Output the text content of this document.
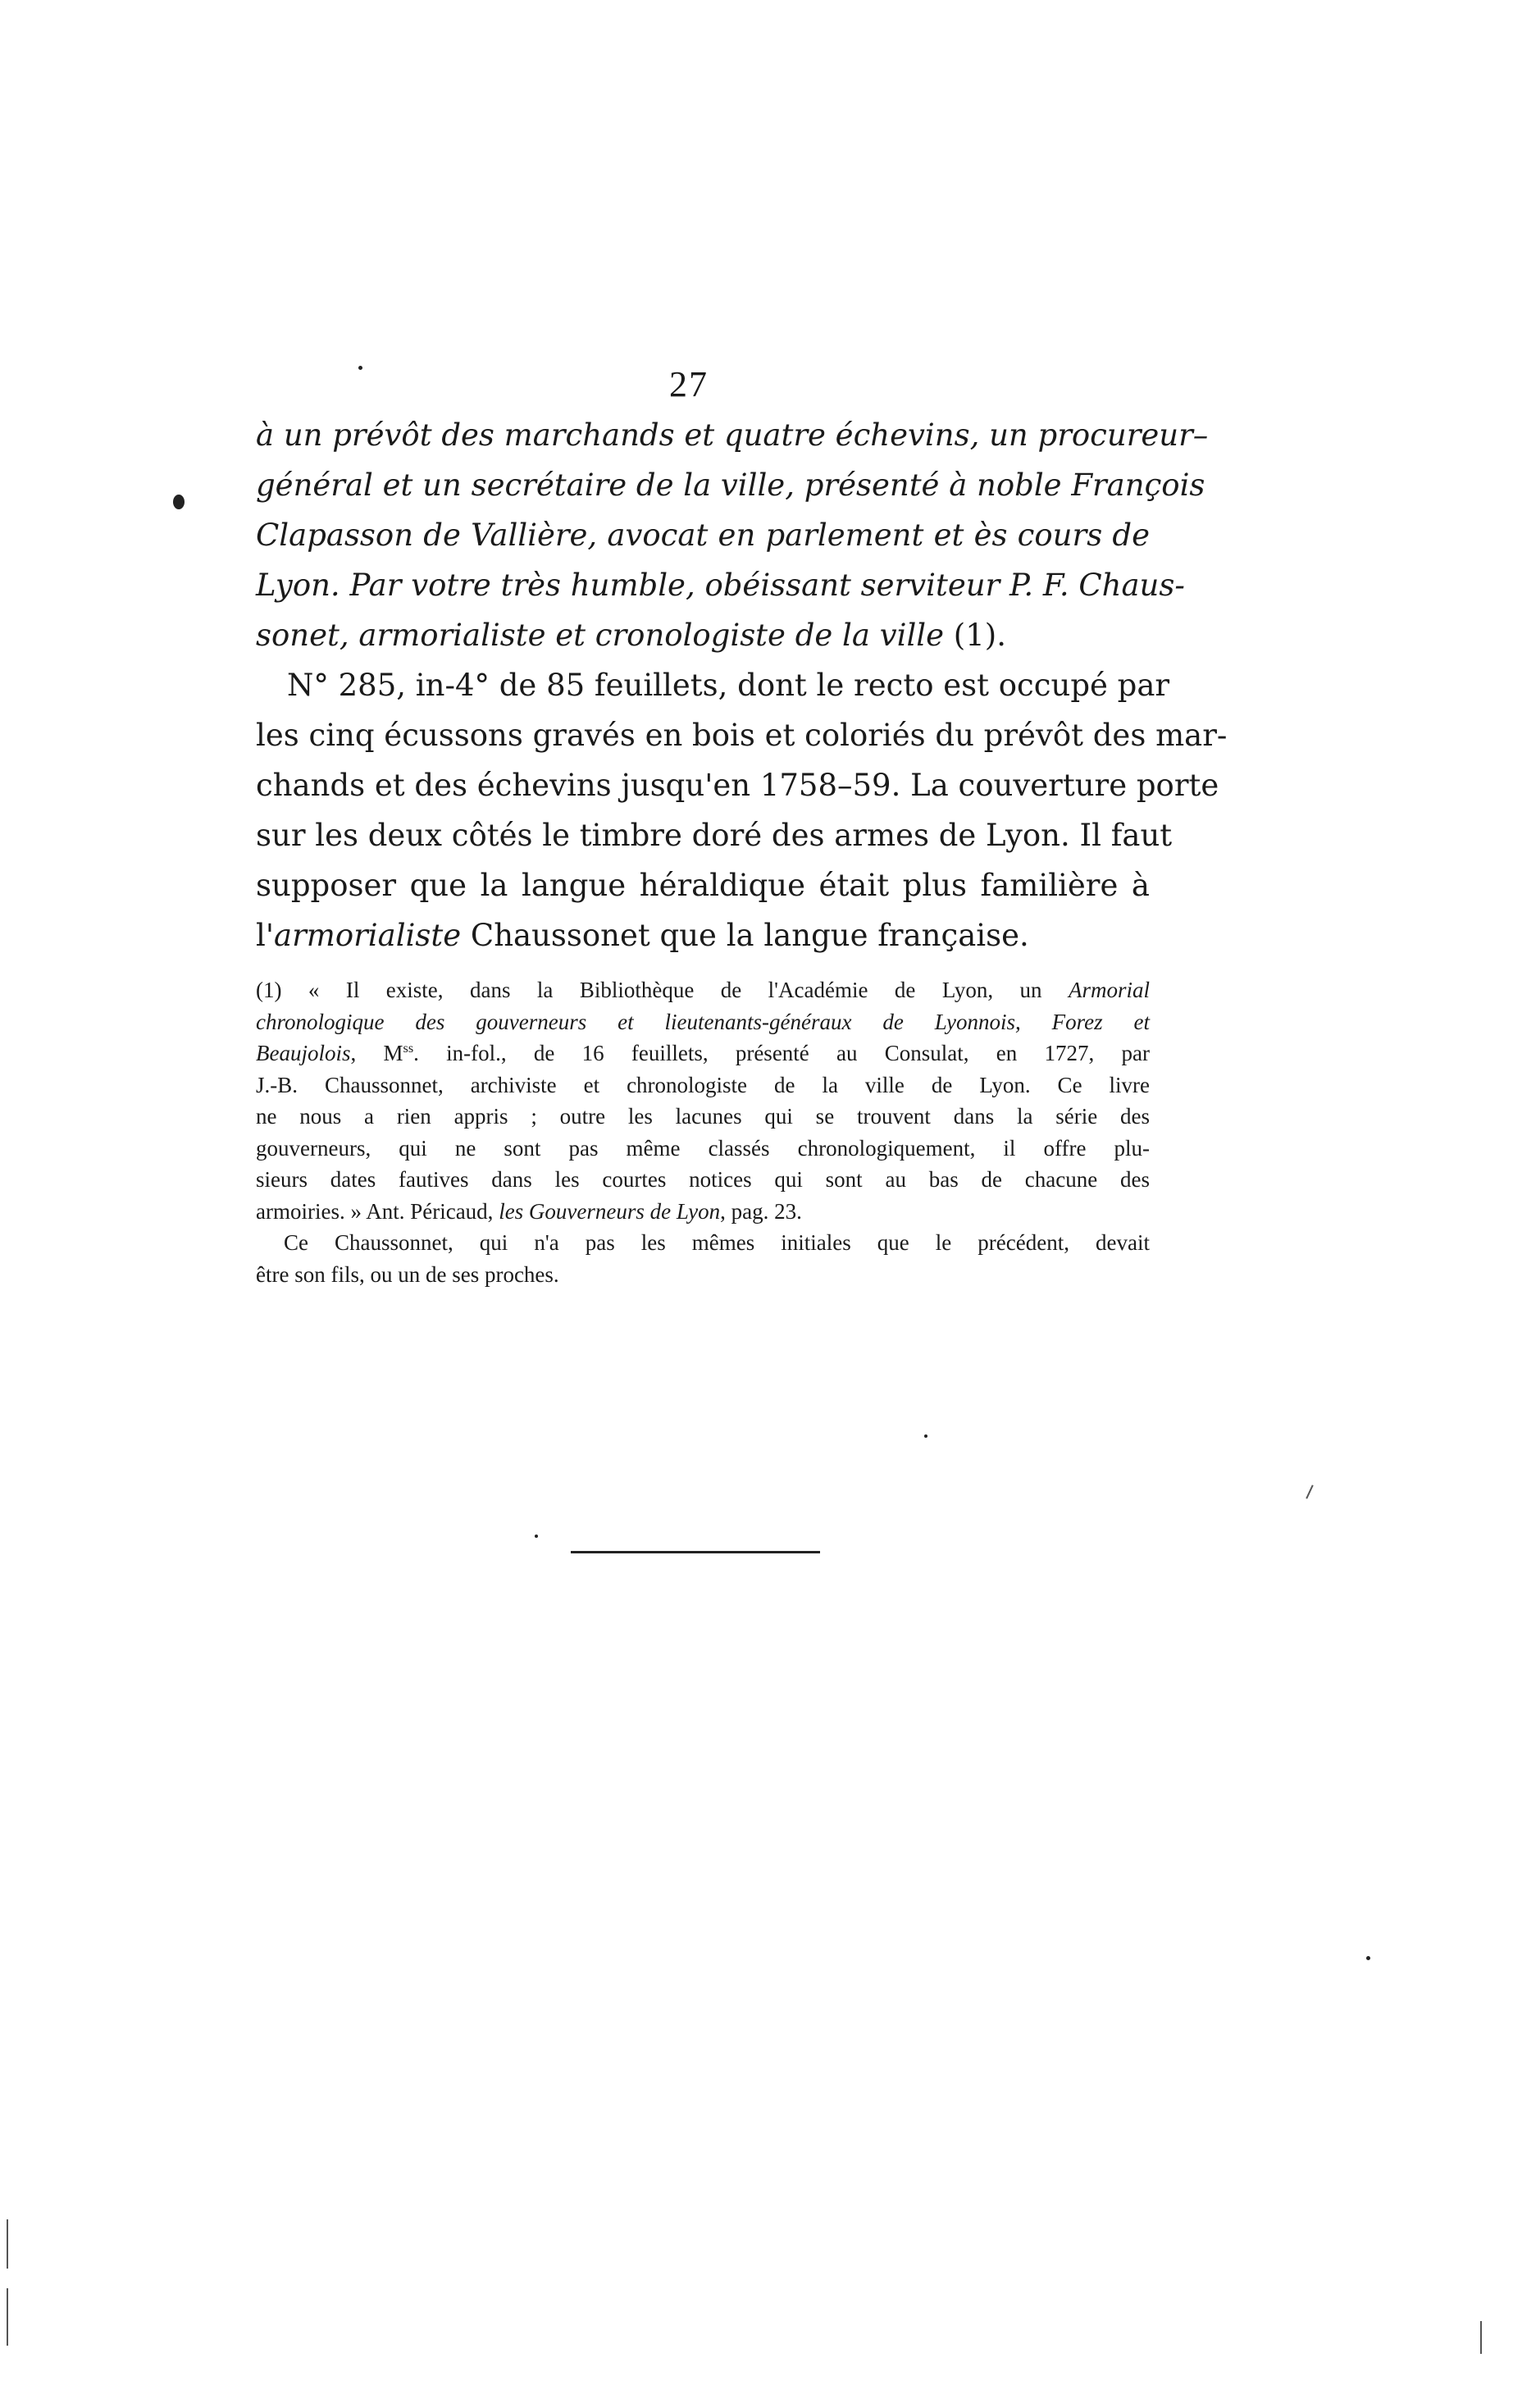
27
à un prévôt des marchands et quatre échevins, un procureur–
général et un secrétaire de la ville, présenté à noble François
Clapasson de Vallière, avocat en parlement et ès cours de
Lyon. Par votre très humble, obéissant serviteur P. F. Chaus-
sonet, armorialiste et cronologiste de la ville (1).
N° 285, in-4° de 85 feuillets, dont le recto est occupé par
les cinq écussons gravés en bois et coloriés du prévôt des mar-
chands et des échevins jusqu'en 1758–59. La couverture porte
sur les deux côtés le timbre doré des armes de Lyon. Il faut
supposer que la langue héraldique était plus familière à
l'armorialiste Chaussonet que la langue française.
(1) « Il existe, dans la Bibliothèque de l'Académie de Lyon, un Armorial
chronologique des gouverneurs et lieutenants-généraux de Lyonnois, Forez et
Beaujolois, $M^{ss}$. in-fol., de 16 feuillets, présenté au Consulat, en 1727, par
J.-B. Chaussonnet, archiviste et chronologiste de la ville de Lyon. Ce livre
ne nous a rien appris ; outre les lacunes qui se trouvent dans la série des
gouverneurs, qui ne sont pas même classés chronologiquement, il offre plu-
sieurs dates fautives dans les courtes notices qui sont au bas de chacune des
armoiries. » Ant. Péricaud, les Gouverneurs de Lyon, pag. 23.
Ce Chaussonnet, qui n'a pas les mêmes initiales que le précédent, devait
être son fils, ou un de ses proches.
